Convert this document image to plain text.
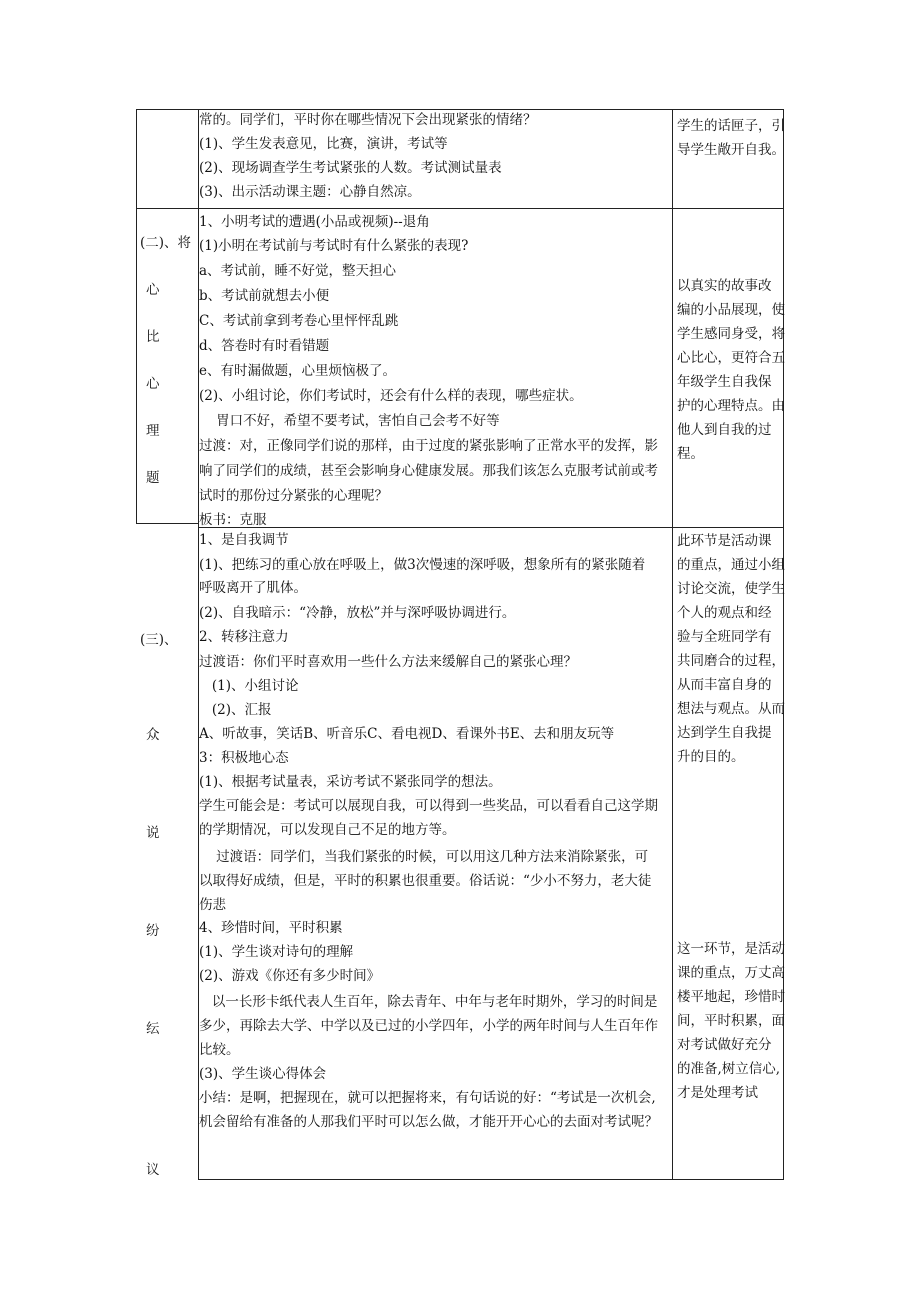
常的。同学们，平时你在哪些情况下会出现紧张的情绪？
(1)、学生发表意见，比赛，演讲，考试等
(2)、现场调查学生考试紧张的人数。考试测试量表
(3)、出示活动课主题：心静自然凉。
学生的话匣子，引
导学生敞开自我。
(二)、将
心
比
心
理
题
1、小明考试的遭遇(小品或视频)--退角
(1)小明在考试前与考试时有什么紧张的表现?
a、考试前，睡不好觉，整天担心
b、考试前就想去小便
C、考试前拿到考卷心里怦怦乱跳
d、答卷时有时看错题
e、有时漏做题，心里烦恼极了。
(2)、小组讨论，你们考试时，还会有什么样的表现，哪些症状。
胃口不好，希望不要考试，害怕自己会考不好等
过渡：对，正像同学们说的那样，由于过度的紧张影响了正常水平的发挥，影
响了同学们的成绩，甚至会影响身心健康发展。那我们该怎么克服考试前或考
试时的那份过分紧张的心理呢？
板书：克服
以真实的故事改
编的小品展现，使
学生感同身受，将
心比心，更符合五
年级学生自我保
护的心理特点。由
他人到自我的过
程。
(三)、
众
说
纷
纭
议
1、是自我调节
(1)、把练习的重心放在呼吸上，做3次慢速的深呼吸，想象所有的紧张随着
呼吸离开了肌体。
(2)、自我暗示：“冷静，放松”并与深呼吸协调进行。
2、转移注意力
过渡语：你们平时喜欢用一些什么方法来缓解自己的紧张心理？
(1)、小组讨论
(2)、汇报
A、听故事，笑话B、听音乐C、看电视D、看课外书E、去和朋友玩等
3：积极地心态
(1)、根据考试量表，采访考试不紧张同学的想法。
学生可能会是：考试可以展现自我，可以得到一些奖品，可以看看自己这学期
的学期情况，可以发现自己不足的地方等。
过渡语：同学们，当我们紧张的时候，可以用这几种方法来消除紧张，可
以取得好成绩，但是，平时的积累也很重要。俗话说：“少小不努力，老大徒
伤悲
4、珍惜时间，平时积累
(1)、学生谈对诗句的理解
(2)、游戏《你还有多少时间》
以一长形卡纸代表人生百年，除去青年、中年与老年时期外，学习的时间是
多少，再除去大学、中学以及已过的小学四年，小学的两年时间与人生百年作
比较。
(3)、学生谈心得体会
小结：是啊，把握现在，就可以把握将来，有句话说的好：“考试是一次机会,
机会留给有准备的人那我们平时可以怎么做，才能开开心心的去面对考试呢？
此环节是活动课
的重点，通过小组
讨论交流，使学生
个人的观点和经
验与全班同学有
共同磨合的过程，
从而丰富自身的
想法与观点。从而
达到学生自我提
升的目的。
这一环节，是活动
课的重点，万丈高
楼平地起，珍惜时
间，平时积累，面
对考试做好充分
的准备,树立信心,
才是处理考试
